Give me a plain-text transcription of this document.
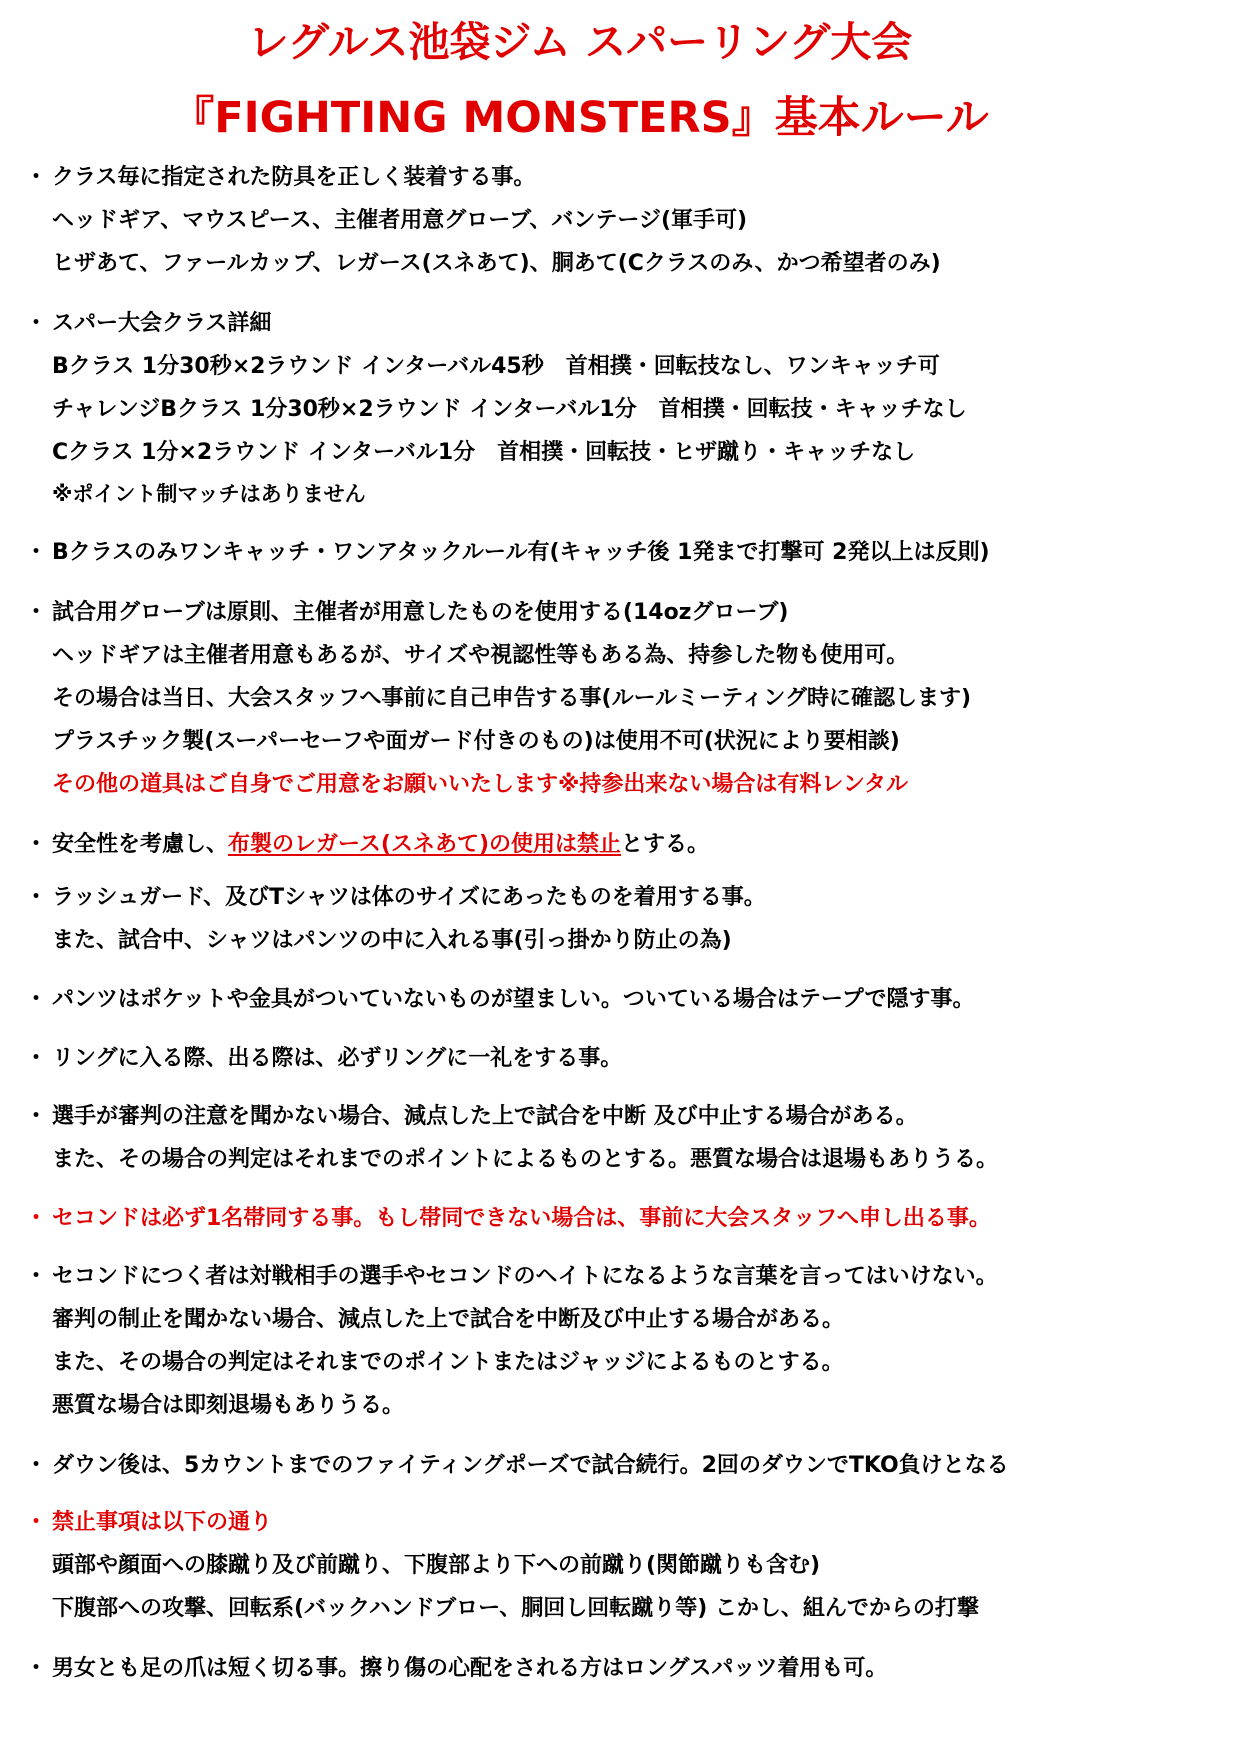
レグルス池袋ジム スパーリング大会
『FIGHTING MONSTERS』基本ルール
・ クラス毎に指定された防具を正しく装着する事。
ヘッドギア、マウスピース、主催者用意グローブ、バンテージ(軍手可)
ヒザあて、ファールカップ、レガース(スネあて)、胴あて(Cクラスのみ、かつ希望者のみ)
・ スパー大会クラス詳細
Bクラス 1分30秒×2ラウンド インターバル45秒　首相撲・回転技なし、ワンキャッチ可
チャレンジBクラス 1分30秒×2ラウンド インターバル1分　首相撲・回転技・キャッチなし
Cクラス 1分×2ラウンド インターバル1分　首相撲・回転技・ヒザ蹴り・キャッチなし
※ポイント制マッチはありません
・ Bクラスのみワンキャッチ・ワンアタックルール有(キャッチ後 1発まで打撃可 2発以上は反則)
・ 試合用グローブは原則、主催者が用意したものを使用する(14ozグローブ)
ヘッドギアは主催者用意もあるが、サイズや視認性等もある為、持参した物も使用可。
その場合は当日、大会スタッフへ事前に自己申告する事(ルールミーティング時に確認します)
プラスチック製(スーパーセーフや面ガード付きのもの)は使用不可(状況により要相談)
その他の道具はご自身でご用意をお願いいたします※持参出来ない場合は有料レンタル
・ 安全性を考慮し、布製のレガース(スネあて)の使用は禁止とする。
・ ラッシュガード、及びTシャツは体のサイズにあったものを着用する事。
また、試合中、シャツはパンツの中に入れる事(引っ掛かり防止の為)
・ パンツはポケットや金具がついていないものが望ましい。ついている場合はテープで隠す事。
・ リングに入る際、出る際は、必ずリングに一礼をする事。
・ 選手が審判の注意を聞かない場合、減点した上で試合を中断 及び中止する場合がある。
また、その場合の判定はそれまでのポイントによるものとする。悪質な場合は退場もありうる。
・ セコンドは必ず1名帯同する事。もし帯同できない場合は、事前に大会スタッフへ申し出る事。
・ セコンドにつく者は対戦相手の選手やセコンドのヘイトになるような言葉を言ってはいけない。
審判の制止を聞かない場合、減点した上で試合を中断及び中止する場合がある。
また、その場合の判定はそれまでのポイントまたはジャッジによるものとする。
悪質な場合は即刻退場もありうる。
・ ダウン後は、5カウントまでのファイティングポーズで試合続行。2回のダウンでTKO負けとなる
・ 禁止事項は以下の通り
頭部や顔面への膝蹴り及び前蹴り、下腹部より下への前蹴り(関節蹴りも含む)
下腹部への攻撃、回転系(バックハンドブロー、胴回し回転蹴り等) こかし、組んでからの打撃
・ 男女とも足の爪は短く切る事。擦り傷の心配をされる方はロングスパッツ着用も可。
